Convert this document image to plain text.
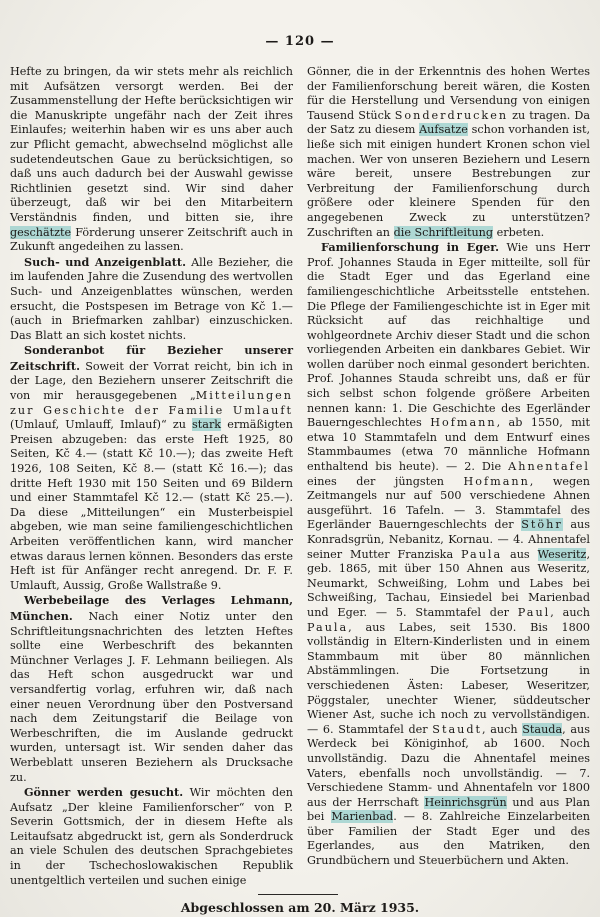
— 120 —

Hefte zu bringen, da wir stets mehr als reichlich mit Aufsätzen versorgt werden. Bei der Zusammenstellung der Hefte berücksichtigen wir die Manuskripte ungefähr nach der Zeit ihres Einlaufes; weiterhin haben wir es uns aber auch zur Pflicht gemacht, abwechselnd möglichst alle sudetendeutschen Gaue zu berücksichtigen, so daß uns auch dadurch bei der Auswahl gewisse Richtlinien gesetzt sind. Wir sind daher überzeugt, daß wir bei den Mitarbeitern Verständnis finden, und bitten sie, ihre geschätzte Förderung unserer Zeitschrift auch in Zukunft angedeihen zu lassen.

Such- und Anzeigenblatt. Alle Bezieher, die im laufenden Jahre die Zusendung des wertvollen Such- und Anzeigenblattes wünschen, werden ersucht, die Postspesen im Betrage von Kč 1.— (auch in Briefmarken zahlbar) einzuschicken. Das Blatt an sich kostet nichts.

Sonderanbot für Bezieher unserer Zeitschrift. Soweit der Vorrat reicht, bin ich in der Lage, den Beziehern unserer Zeitschrift die von mir herausgegebenen „Mitteilungen zur Geschichte der Familie Umlauft (Umlauf, Umlauff, Imlauf)“ zu stark ermäßigten Preisen abzugeben: das erste Heft 1925, 80 Seiten, Kč 4.— (statt Kč 10.—); das zweite Heft 1926, 108 Seiten, Kč 8.— (statt Kč 16.—); das dritte Heft 1930 mit 150 Seiten und 69 Bildern und einer Stammtafel Kč 12.— (statt Kč 25.—). Da diese „Mitteilungen“ ein Musterbeispiel abgeben, wie man seine familiengeschichtlichen Arbeiten veröffentlichen kann, wird mancher etwas daraus lernen können. Besonders das erste Heft ist für Anfänger recht anregend. Dr. F. F. Umlauft, Aussig, Große Wallstraße 9.

Werbebeilage des Verlages Lehmann, München. Nach einer Notiz unter den Schriftleitungsnachrichten des letzten Heftes sollte eine Werbeschrift des bekannten Münchner Verlages J. F. Lehmann beiliegen. Als das Heft schon ausgedruckt war und versandfertig vorlag, erfuhren wir, daß nach einer neuen Verordnung über den Postversand nach dem Zeitungstarif die Beilage von Werbeschriften, die im Auslande gedruckt wurden, untersagt ist. Wir senden daher das Werbeblatt unseren Beziehern als Drucksache zu.

Gönner werden gesucht. Wir möchten den Aufsatz „Der kleine Familienforscher“ von P. Severin Gottsmich, der in diesem Hefte als Leitaufsatz abgedruckt ist, gern als Sonderdruck an viele Schulen des deutschen Sprachgebietes in der Tschechoslowakischen Republik unentgeltlich verteilen und suchen einige

Gönner, die in der Erkenntnis des hohen Wertes der Familienforschung bereit wären, die Kosten für die Herstellung und Versendung von einigen Tausend Stück Sonderdrucken zu tragen. Da der Satz zu diesem Aufsatze schon vorhanden ist, ließe sich mit einigen hundert Kronen schon viel machen. Wer von unseren Beziehern und Lesern wäre bereit, unsere Bestrebungen zur Verbreitung der Familienforschung durch größere oder kleinere Spenden für den angegebenen Zweck zu unterstützen? Zuschriften an die Schriftleitung erbeten.

Familienforschung in Eger. Wie uns Herr Prof. Johannes Stauda in Eger mitteilte, soll für die Stadt Eger und das Egerland eine familiengeschichtliche Arbeitsstelle entstehen. Die Pflege der Familiengeschichte ist in Eger mit Rücksicht auf das reichhaltige und wohlgeordnete Archiv dieser Stadt und die schon vorliegenden Arbeiten ein dankbares Gebiet. Wir wollen darüber noch einmal gesondert berichten. Prof. Johannes Stauda schreibt uns, daß er für sich selbst schon folgende größere Arbeiten nennen kann: 1. Die Geschichte des Egerländer Bauerngeschlechtes Hofmann, ab 1550, mit etwa 10 Stammtafeln und dem Entwurf eines Stammbaumes (etwa 70 männliche Hofmann enthaltend bis heute). — 2. Die Ahnentafel eines der jüngsten Hofmann, wegen Zeitmangels nur auf 500 verschiedene Ahnen ausgeführt. 16 Tafeln. — 3. Stammtafel des Egerländer Bauerngeschlechts der Stöhr aus Konradsgrün, Nebanitz, Kornau. — 4. Ahnentafel seiner Mutter Franziska Paula aus Weseritz, geb. 1865, mit über 150 Ahnen aus Weseritz, Neumarkt, Schweißing, Lohm und Labes bei Schweißing, Tachau, Einsiedel bei Marienbad und Eger. — 5. Stammtafel der Paul, auch Paula, aus Labes, seit 1530. Bis 1800 vollständig in Eltern-Kinderlisten und in einem Stammbaum mit über 80 männlichen Abstämmlingen. Die Fortsetzung in verschiedenen Ästen: Labeser, Weseritzer, Pöggstaler, unechter Wiener, süddeutscher Wiener Ast, suche ich noch zu vervollständigen. — 6. Stammtafel der Staudt, auch Stauda, aus Werdeck bei Königinhof, ab 1600. Noch unvollständig. Dazu die Ahnentafel meines Vaters, ebenfalls noch unvollständig. — 7. Verschiedene Stamm- und Ahnentafeln vor 1800 aus der Herrschaft Heinrichsgrün und aus Plan bei Marienbad. — 8. Zahlreiche Einzelarbeiten über Familien der Stadt Eger und des Egerlandes, aus den Matriken, den Grundbüchern und Steuerbüchern und Akten.

Abgeschlossen am 20. März 1935.
